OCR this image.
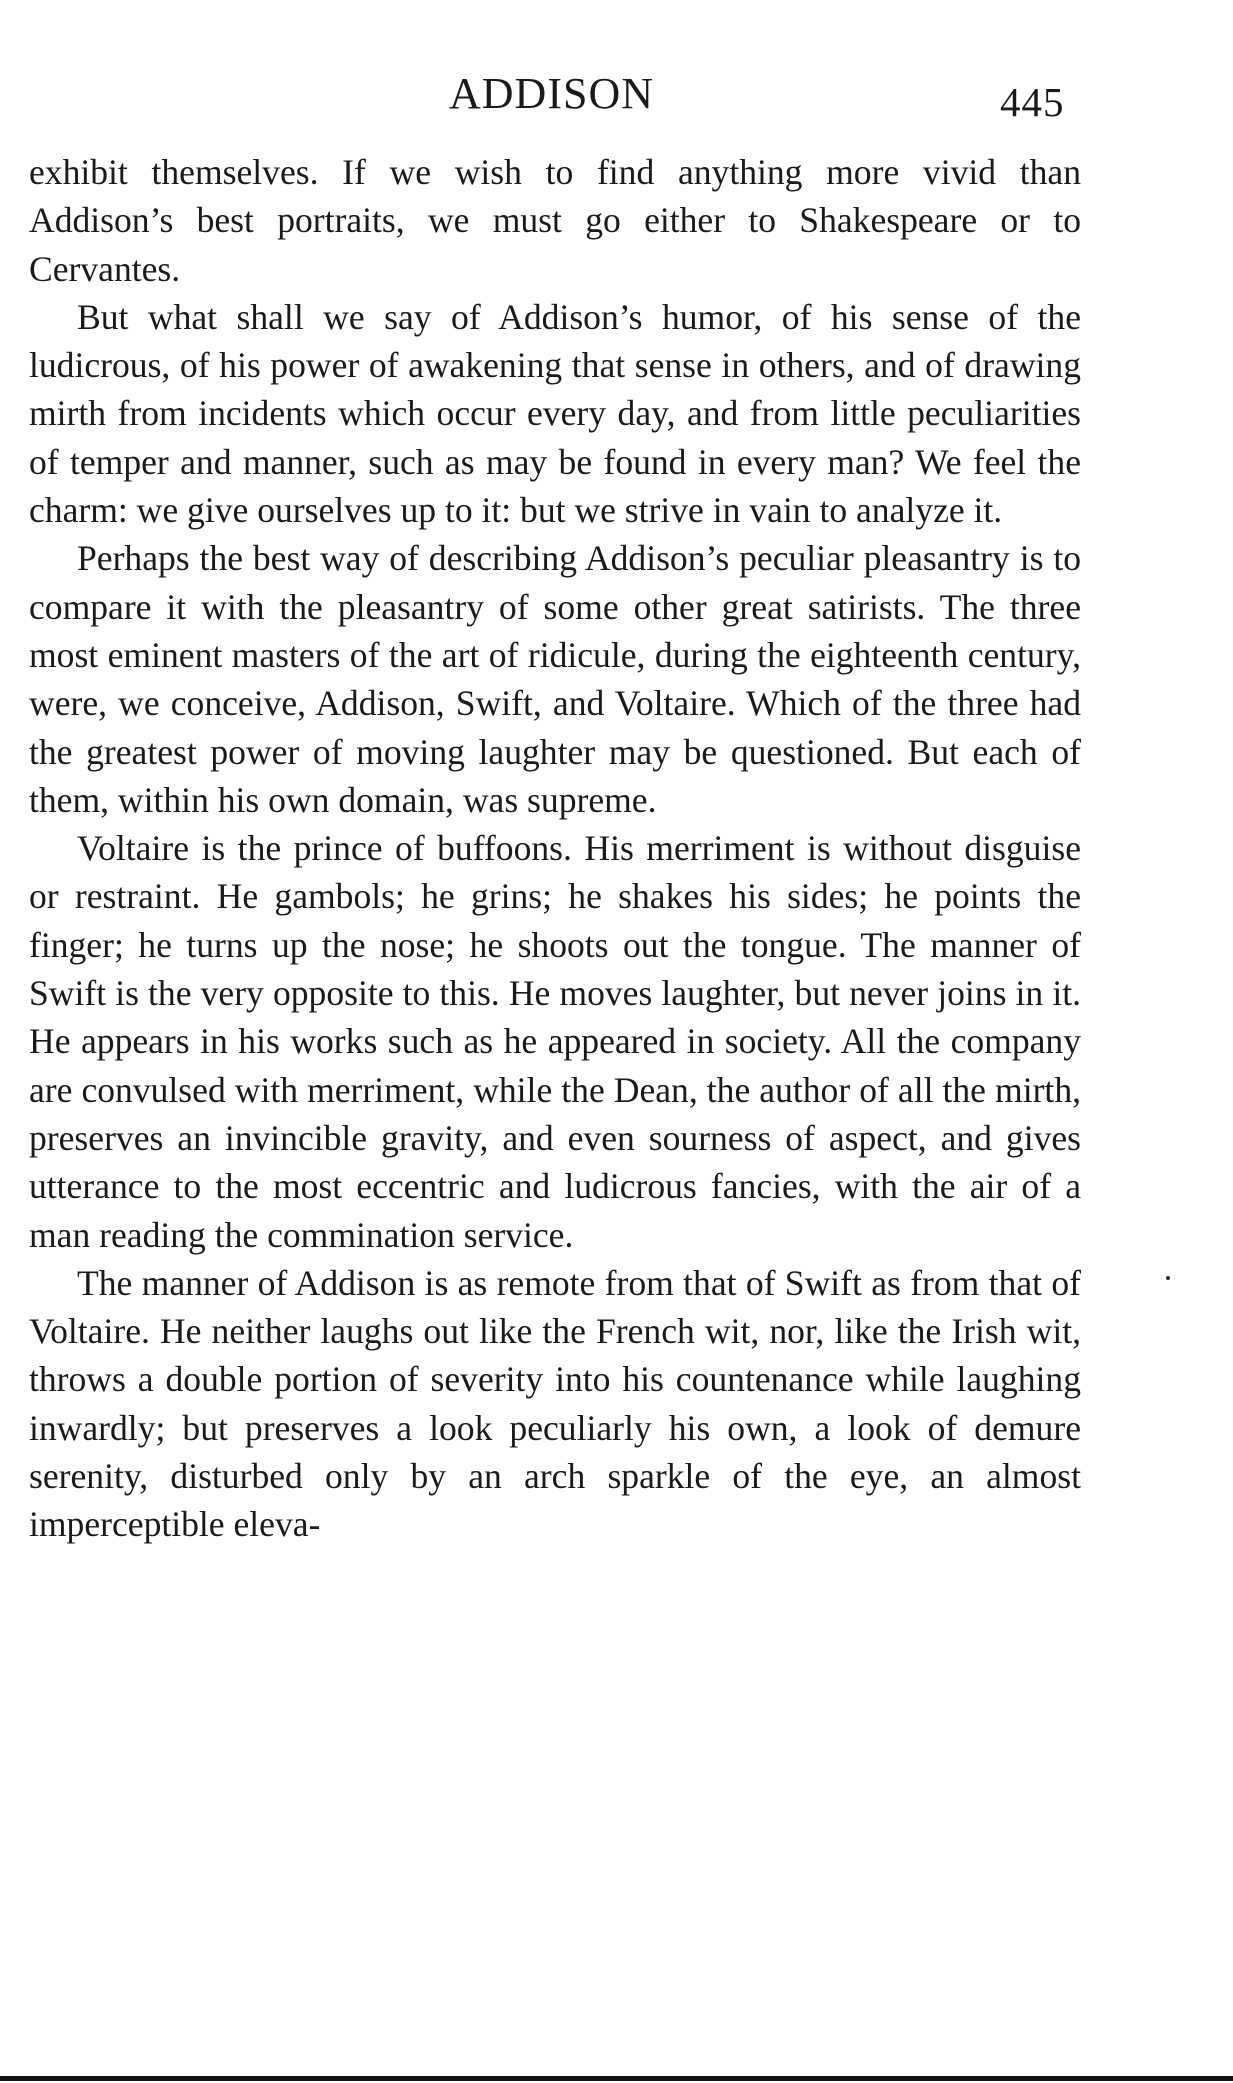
ADDISON	445

exhibit themselves. If we wish to find anything more vivid than Addison’s best portraits, we must go either to Shakespeare or to Cervantes.

But what shall we say of Addison’s humor, of his sense of the ludicrous, of his power of awakening that sense in others, and of drawing mirth from incidents which occur every day, and from little peculiarities of temper and manner, such as may be found in every man? We feel the charm: we give ourselves up to it: but we strive in vain to analyze it.

Perhaps the best way of describing Addison’s peculiar pleasantry is to compare it with the pleasantry of some other great satirists. The three most eminent masters of the art of ridicule, during the eighteenth century, were, we conceive, Addison, Swift, and Voltaire. Which of the three had the greatest power of moving laughter may be questioned. But each of them, within his own domain, was supreme.

Voltaire is the prince of buffoons. His merriment is without disguise or restraint. He gambols; he grins; he shakes his sides; he points the finger; he turns up the nose; he shoots out the tongue. The manner of Swift is the very opposite to this. He moves laughter, but never joins in it. He appears in his works such as he appeared in society. All the company are convulsed with merriment, while the Dean, the author of all the mirth, preserves an invincible gravity, and even sourness of aspect, and gives utterance to the most eccentric and ludicrous fancies, with the air of a man reading the commination service.

The manner of Addison is as remote from that of Swift as from that of Voltaire. He neither laughs out like the French wit, nor, like the Irish wit, throws a double portion of severity into his countenance while laughing inwardly; but preserves a look peculiarly his own, a look of demure serenity, disturbed only by an arch sparkle of the eye, an almost imperceptible eleva-
